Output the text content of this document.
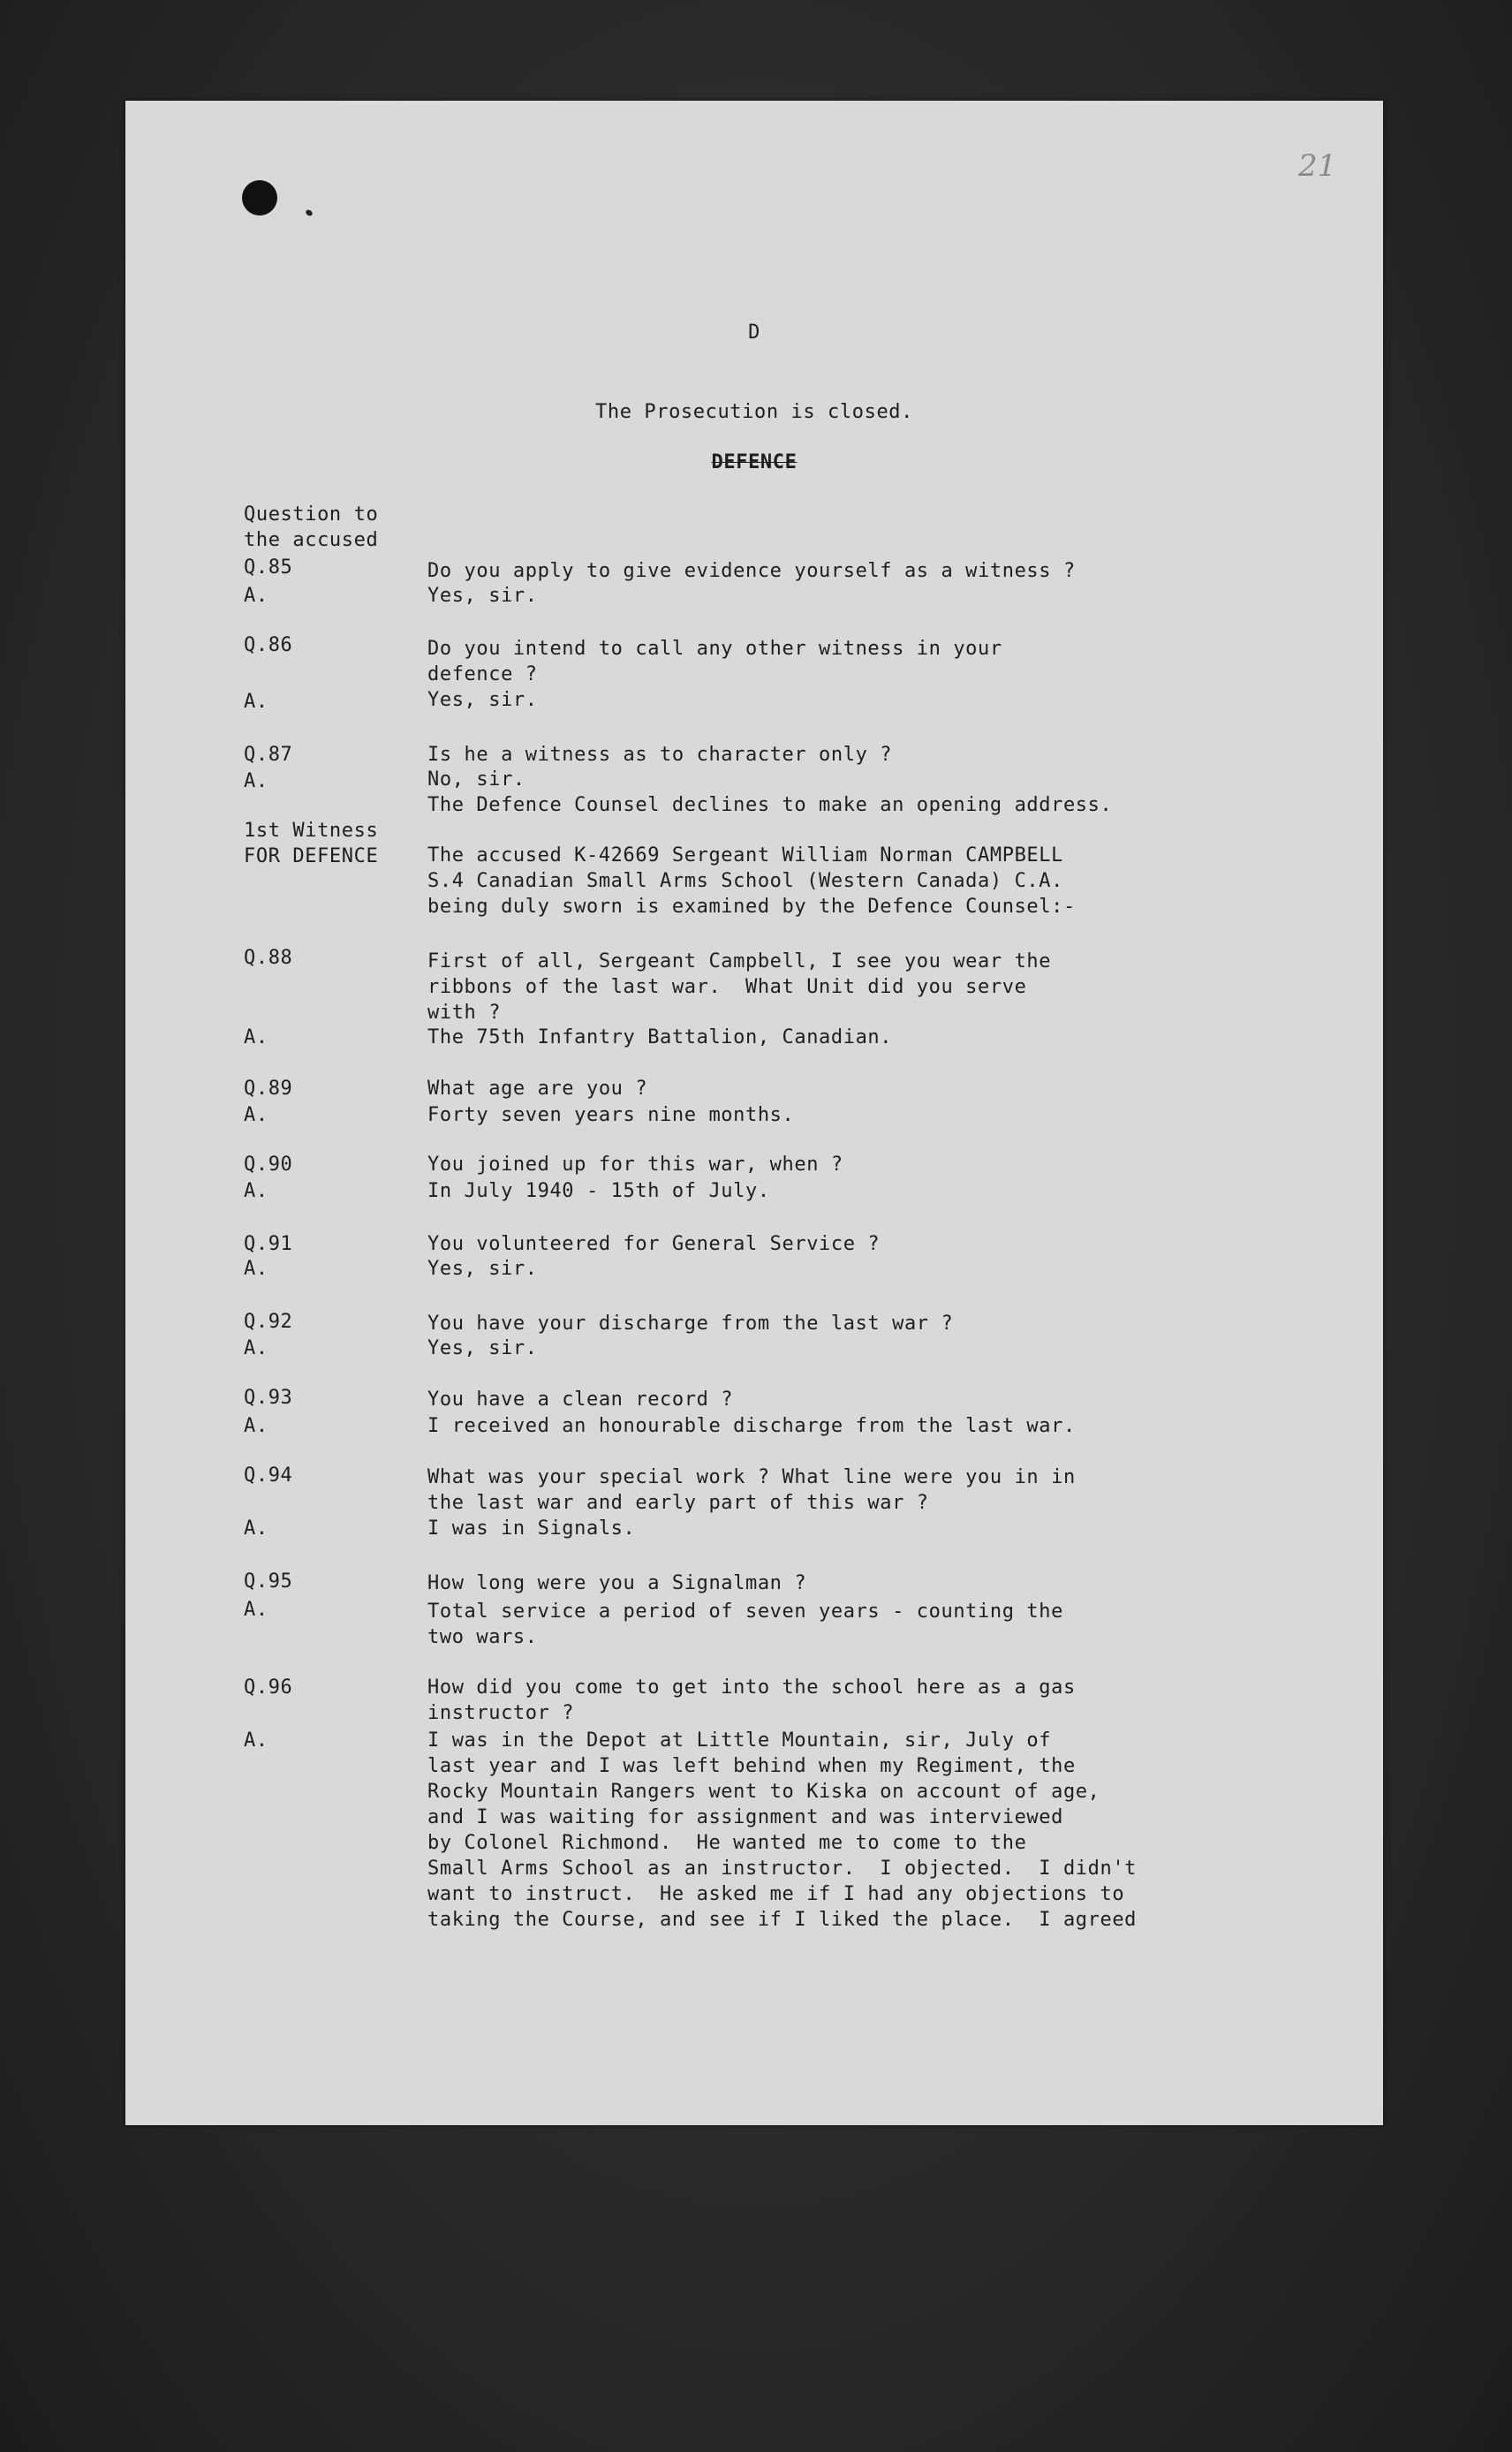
21
D
The Prosecution is closed.
DEFENCE
Question to
the accused
Q.85	Do you apply to give evidence yourself as a witness ?
A.	Yes, sir.
Q.86	Do you intend to call any other witness in your
defence ?
A.	Yes, sir.
Q.87	Is he a witness as to character only ?
A.	No, sir.
The Defence Counsel declines to make an opening address.
1st Witness
FOR DEFENCE	The accused K-42669 Sergeant William Norman CAMPBELL
S.4 Canadian Small Arms School (Western Canada) C.A.
being duly sworn is examined by the Defence Counsel:-
Q.88	First of all, Sergeant Campbell, I see you wear the
ribbons of the last war.  What Unit did you serve
with ?
A.	The 75th Infantry Battalion, Canadian.
Q.89	What age are you ?
A.	Forty seven years nine months.
Q.90	You joined up for this war, when ?
A.	In July 1940 - 15th of July.
Q.91	You volunteered for General Service ?
A.	Yes, sir.
Q.92	You have your discharge from the last war ?
A.	Yes, sir.
Q.93	You have a clean record ?
A.	I received an honourable discharge from the last war.
Q.94	What was your special work ? What line were you in in
the last war and early part of this war ?
A.	I was in Signals.
Q.95	How long were you a Signalman ?
A.	Total service a period of seven years - counting the
two wars.
Q.96	How did you come to get into the school here as a gas
instructor ?
A.	I was in the Depot at Little Mountain, sir, July of
last year and I was left behind when my Regiment, the
Rocky Mountain Rangers went to Kiska on account of age,
and I was waiting for assignment and was interviewed
by Colonel Richmond.  He wanted me to come to the
Small Arms School as an instructor.  I objected.  I didn't
want to instruct.  He asked me if I had any objections to
taking the Course, and see if I liked the place.  I agreed
